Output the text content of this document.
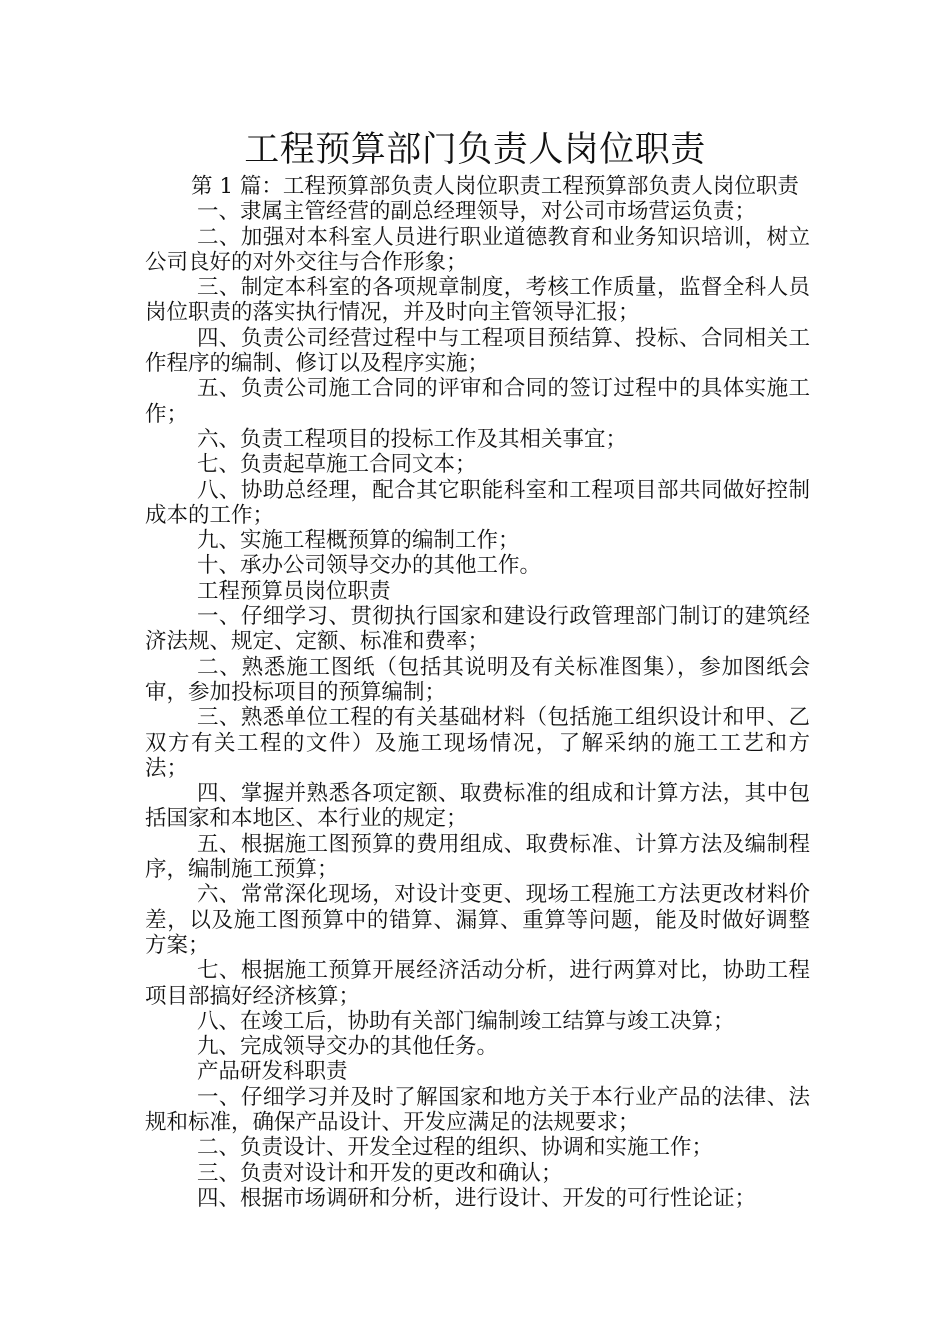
工程预算部门负责人岗位职责

第 1 篇：工程预算部负责人岗位职责工程预算部负责人岗位职责

一、隶属主管经营的副总经理领导，对公司市场营运负责；

二、加强对本科室人员进行职业道德教育和业务知识培训，树立公司良好的对外交往与合作形象；

三、制定本科室的各项规章制度，考核工作质量，监督全科人员岗位职责的落实执行情况，并及时向主管领导汇报；

四、负责公司经营过程中与工程项目预结算、投标、合同相关工作程序的编制、修订以及程序实施；

五、负责公司施工合同的评审和合同的签订过程中的具体实施工作；

六、负责工程项目的投标工作及其相关事宜；

七、负责起草施工合同文本；

八、协助总经理，配合其它职能科室和工程项目部共同做好控制成本的工作；

九、实施工程概预算的编制工作；

十、承办公司领导交办的其他工作。

工程预算员岗位职责

一、仔细学习、贯彻执行国家和建设行政管理部门制订的建筑经济法规、规定、定额、标准和费率；

二、熟悉施工图纸（包括其说明及有关标准图集），参加图纸会审，参加投标项目的预算编制；

三、熟悉单位工程的有关基础材料（包括施工组织设计和甲、乙双方有关工程的文件）及施工现场情况，了解采纳的施工工艺和方法；

四、掌握并熟悉各项定额、取费标准的组成和计算方法，其中包括国家和本地区、本行业的规定；

五、根据施工图预算的费用组成、取费标准、计算方法及编制程序，编制施工预算；

六、常常深化现场，对设计变更、现场工程施工方法更改材料价差，以及施工图预算中的错算、漏算、重算等问题，能及时做好调整方案；

七、根据施工预算开展经济活动分析，进行两算对比，协助工程项目部搞好经济核算；

八、在竣工后，协助有关部门编制竣工结算与竣工决算；

九、完成领导交办的其他任务。

产品研发科职责

一、仔细学习并及时了解国家和地方关于本行业产品的法律、法规和标准，确保产品设计、开发应满足的法规要求；

二、负责设计、开发全过程的组织、协调和实施工作；

三、负责对设计和开发的更改和确认；

四、根据市场调研和分析，进行设计、开发的可行性论证；
